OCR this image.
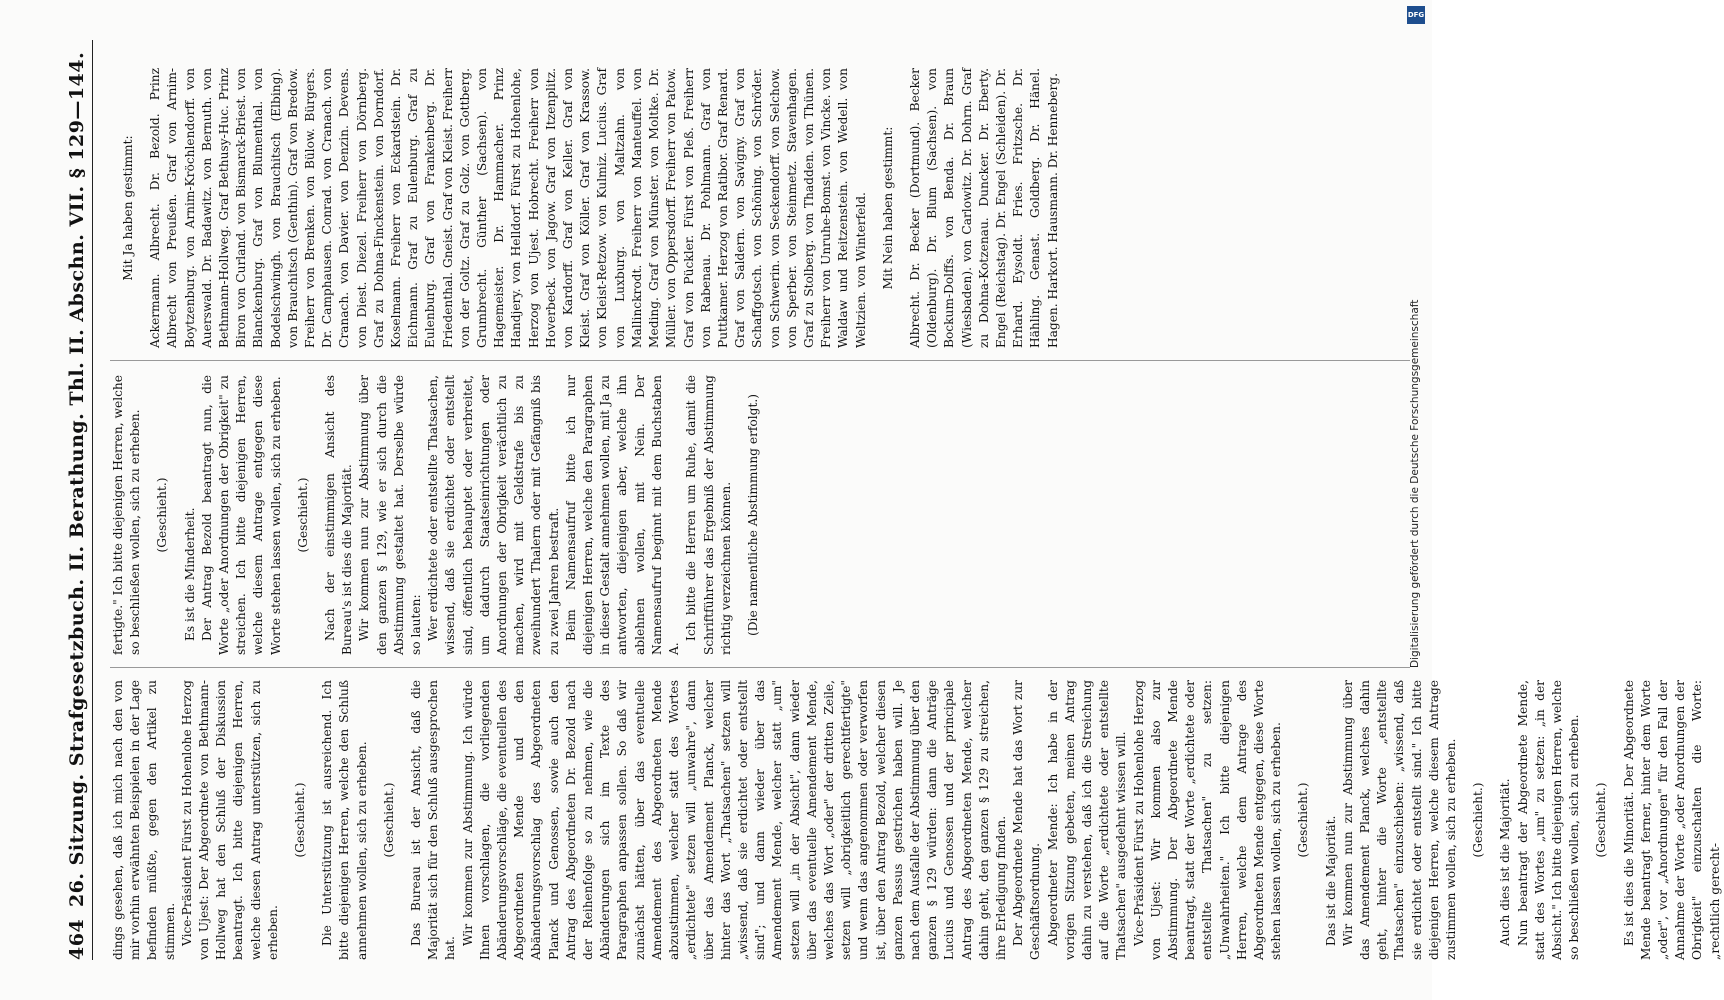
464
26. Sitzung. Strafgesetzbuch. II. Berathung. Thl. II. Abschn. VII. § 129—144. dings gesehen, daß ich mich nach den von mir vorhin erwähnten Beispielen in der Lage befinden müßte, gegen den Artikel zu stimmen. Vice-Präsident Fürst zu Hohenlohe Herzog von Ujest: Der Abgeordnete von Bethmann-Hollweg hat den Schluß der Diskussion beantragt. Ich bitte diejenigen Herren, welche diesen Antrag unterstützen, sich zu erheben.

(Geschieht.) Die Unterstützung ist ausreichend. Ich bitte diejenigen Herren, welche den Schluß annehmen wollen, sich zu erheben. (Geschieht.) Das Bureau ist der Ansicht, daß die Majorität sich für den Schluß ausgesprochen hat.

Wir kommen zur Abstimmung. Ich würde Ihnen vorschlagen, die vorliegenden Abänderungsvorschläge, die eventuellen des Abgeordneten Mende und den Abänderungsvorschlag des Abgeordneten Planck und Genossen, sowie auch den Antrag des Abgeordneten Dr. Bezold nach der Reihenfolge so zu nehmen, wie die Abänderungen sich im Texte des Paragraphen anpassen sollen. So daß wir zunächst hätten, über das eventuelle Amendement des Abgeordneten Mende abzustimmen, welcher statt des Wortes „erdichtete" setzen will „unwahre", dann über das Amendement Planck, welcher hinter das Wort „Thatsachen" setzen will „wissend, daß sie erdichtet oder entstellt sind"; und dann wieder über das Amendement Mende, welcher statt „um" setzen will „in der Absicht", dann wieder über das eventuelle Amendement Mende, welches das Wort „oder" der dritten Zeile, setzen will „obrigkeitlich gerechtfertigte" und wenn das angenommen oder verworfen ist, über den Antrag Bezold, welcher diesen ganzen Passus gestrichen haben will. Je nach dem Ausfalle der Abstimmung über den ganzen § 129 würden: dann die Anträge Lucius und Genossen und der principale Antrag des Abgeordneten Mende, welcher dahin geht, den ganzen § 129 zu streichen, ihre Erledigung finden. Der Abgeordnete Mende hat das Wort zur Geschäftsordnung. Abgeordneter Mende: Ich habe in der vorigen Sitzung gebeten, meinen Antrag dahin zu verstehen, daß ich die Streichung auf die Worte „erdichtete oder entstellte Thatsachen" ausgedehnt wissen will. Vice-Präsident Fürst zu Hohenlohe Herzog von Ujest: Wir kommen also zur Abstimmung. Der Abgeordnete Mende beantragt, statt der Worte „erdichtete oder entstellte Thatsachen" zu setzen: „Unwahrheiten." Ich bitte diejenigen Herren, welche dem Antrage des Abgeordneten Mende entgegen, diese Worte stehen lassen wollen, sich zu erheben. (Geschieht.) Das ist die Majorität. Wir kommen nun zur Abstimmung über das Amendement Planck, welches dahin geht, hinter die Worte „entstellte Thatsachen" einzuschieben: „wissend, daß sie erdichtet oder entstellt sind." Ich bitte diejenigen Herren, welche diesem Antrage zustimmen wollen, sich zu erheben. (Geschieht.) Auch dies ist die Majorität. Nun beantragt der Abgeordnete Mende, statt des Wortes „um" zu setzen: „in der Absicht." Ich bitte diejenigen Herren, welche so beschließen wollen, sich zu erheben. (Geschieht.) Es ist dies die Minorität. Der Abgeordnete Mende beantragt ferner, hinter dem Worte „oder", vor „Anordnungen" für den Fall der Annahme der Worte „oder Anordnungen der Obrigkeit" einzuschalten die Worte: „rechtlich gerecht-

fertigte." Ich bitte diejenigen Herren, welche so beschließen wollen, sich zu erheben. (Geschieht.) Es ist die Minderheit. Der Antrag Bezold beantragt nun, die Worte „oder Anordnungen der Obrigkeit" zu streichen. Ich bitte diejenigen Herren, welche diesem Antrage entgegen diese Worte stehen lassen wollen, sich zu erheben. (Geschieht.) Nach der einstimmigen Ansicht des Bureau's ist dies die Majorität. Wir kommen nun zur Abstimmung über den ganzen § 129, wie er sich durch die Abstimmung gestaltet hat. Derselbe würde so lauten: Wer erdichtete oder entstellte Thatsachen, wissend, daß sie erdichtet oder entstellt sind, öffentlich behauptet oder verbreitet, um dadurch Staatseinrichtungen oder Anordnungen der Obrigkeit verächtlich zu machen, wird mit Geldstrafe bis zu zweihundert Thalern oder mit Gefängniß bis zu zwei Jahren bestraft. Beim Namensaufruf bitte ich nur diejenigen Herren, welche den Paragraphen in dieser Gestalt annehmen wollen, mit Ja zu antworten, diejenigen aber, welche ihn ablehnen wollen, mit Nein. Der Namensaufruf beginnt mit dem Buchstaben A.

Ich bitte die Herren um Ruhe, damit die Schriftführer das Ergebniß der Abstimmung richtig verzeichnen können. (Die namentliche Abstimmung erfolgt.)

Mit Ja haben gestimmt: Ackermann. Albrecht. Dr. Bezold. Prinz Albrecht von Preußen. Graf von Arnim-Boytzenburg. von Arnim-Kröchlendorff. von Auerswald. Dr. Badawitz. von Bernuth. von Bethmann-Hollweg. Graf Bethusy-Huc. Prinz Biron von Curland. von Bismarck-Briest. von Blanckenburg. Graf von Blumenthal. von Bodelschwingh. von Brauchitsch (Elbing). von Brauchitsch (Genthin). Graf von Bredow. Freiherr von Brenken. von Bülow. Bürgers. Dr. Camphausen. Conrad. von Cranach. von Cranach. von Davier. von Denzin. Devens. von Diest. Diezel. Freiherr von Dörnberg. Graf zu Dohna-Finckenstein. von Dorndorf. Koselmann. Freiherr von Eckardstein. Dr. Eichmann. Graf zu Eulenburg. Graf zu Eulenburg. Graf von Frankenberg. Dr. Friedenthal. Gneist. Graf von Kleist. Freiherr von der Goltz. Graf zu Golz. von Gottberg. Grumbrecht. Günther (Sachsen). von Hagemeister. Dr. Hammacher. Prinz Handjery. von Helldorf. Fürst zu Hohenlohe, Herzog von Ujest. Hobrecht. Freiherr von Hoverbeck. von Jagow. Graf von Itzenplitz. von Kardorff. Graf von Keller. Graf von Kleist. Graf von Köller. Graf von Krassow. von Kleist-Retzow. von Kulmiz. Lucius. Graf von Luxburg. von Maltzahn. von Mallinckrodt. Freiherr von Manteuffel. von Meding. Graf von Münster. von Moltke. Dr. Müller. von Oppersdorff. Freiherr von Patow. Graf von Pückler. Fürst von Pleß. Freiherr von Rabenau. Dr. Pohlmann. Graf von Puttkamer. Herzog von Ratibor. Graf Renard. Graf von Saldern. von Savigny. Graf von Schaffgotsch. von Schöning. von Schröder. von Schwerin. von Seckendorff. von Selchow. von Sperber. von Steinmetz. Stavenhagen. Graf zu Stolberg. von Thadden. von Thünen. Freiherr von Unruhe-Bomst. von Vincke. von Waldaw und Reitzenstein. von Wedell. von Weltzien. von Winterfeld. Mit Nein haben gestimmt: Albrecht. Dr. Becker (Dortmund). Becker (Oldenburg). Dr. Blum (Sachsen). von Bockum-Dolffs. von Benda. Dr. Braun (Wiesbaden). von Carlowitz. Dr. Dohrn. Graf zu Dohna-Kotzenau. Duncker. Dr. Eberty. Engel (Reichstag). Dr. Engel (Schleiden). Dr. Erhard. Eysoldt. Fries. Fritzsche. Dr. Hähling. Genast. Goldberg. Dr. Hänel. Hagen. Harkort. Hausmann. Dr. Henneberg.

DFG
Digitalisierung gefördert durch die Deutsche Forschungsgemeinschaft
